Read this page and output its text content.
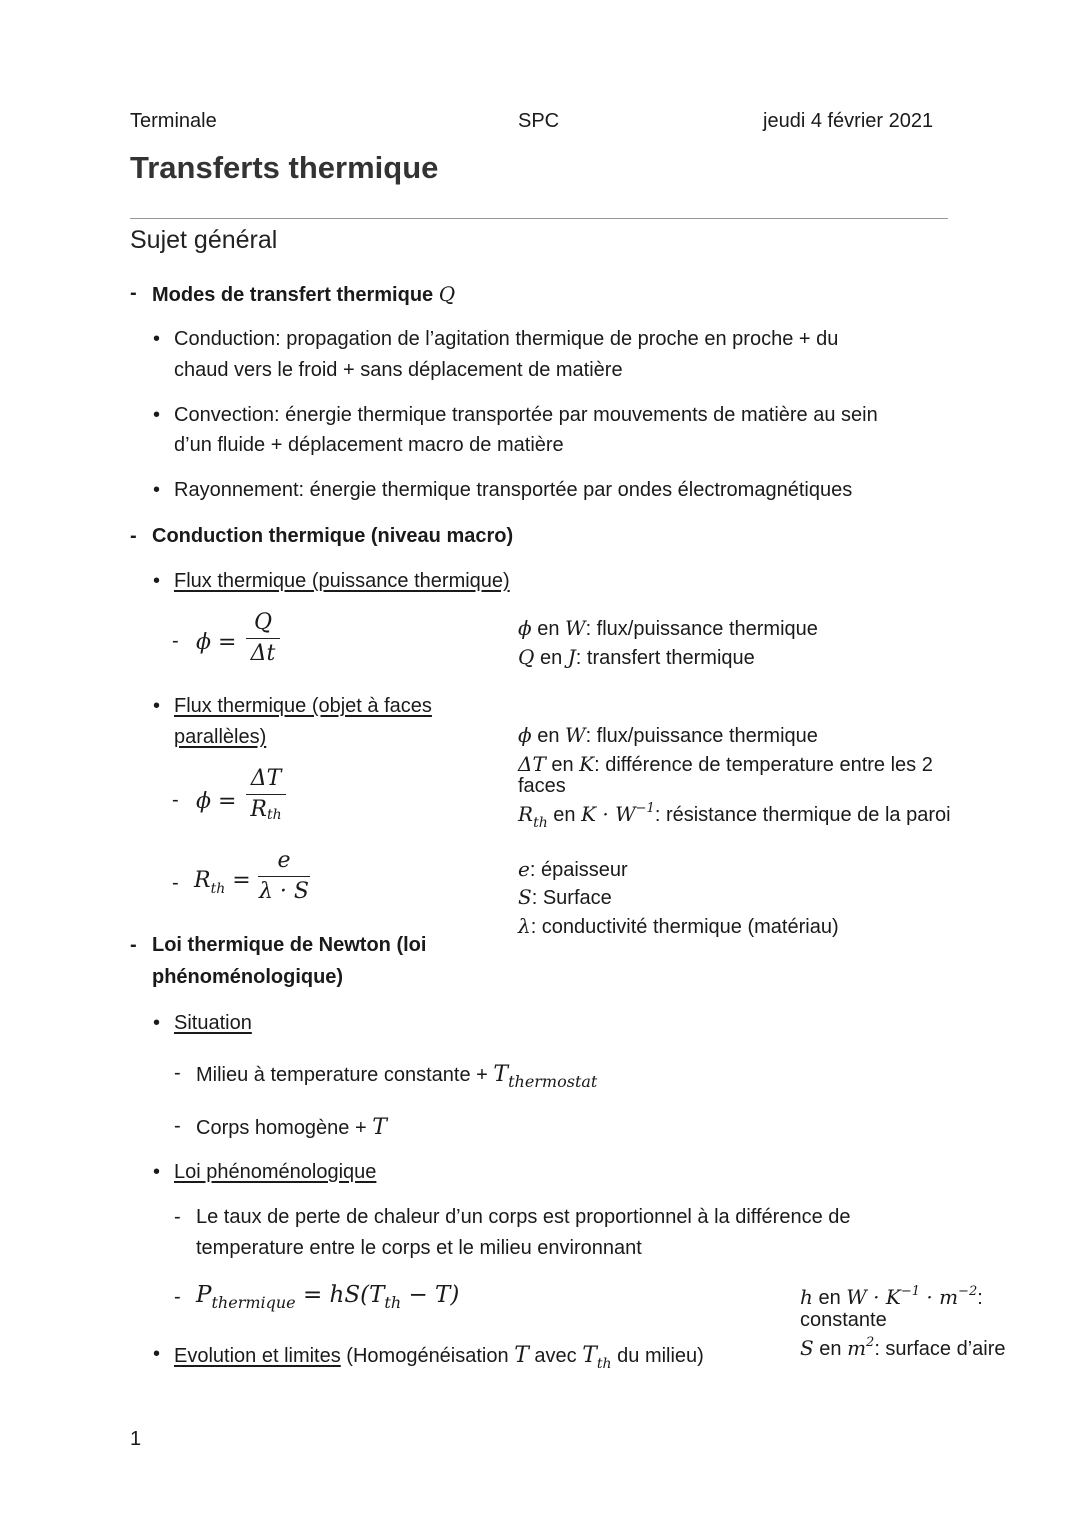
Terminale	SPC	jeudi 4 février 2021
Transferts thermique
Sujet général
- Modes de transfert thermique Q
• Conduction: propagation de l’agitation thermique de proche en proche + du
chaud vers le froid + sans déplacement de matière
• Convection: énergie thermique transportée par mouvements de matière au sein
d’un fluide + déplacement macro de matière
• Rayonnement: énergie thermique transportée par ondes électromagnétiques
- Conduction thermique (niveau macro)
• Flux thermique (puissance thermique)
- ϕ =
Q
Δt
ϕ en W: flux/puissance thermique
Q en J: transfert thermique
• Flux thermique (objet à faces
parallèles)
- ϕ =
ΔT
Rth
ϕ en W: flux/puissance thermique
ΔT en K: différence de temperature entre les 2
faces
$R_{th}$ en $K \cdot W^{-1}$: résistance thermique de la paroi
- $R_{th}$ =
e
λ · S
e: épaisseur
S: Surface
λ: conductivité thermique (matériau)
- Loi thermique de Newton (loi
phénoménologique)
• Situation
- Milieu à temperature constante + $T_{thermostat}$
- Corps homogène + T
• Loi phénoménologique
- Le taux de perte de chaleur d’un corps est proportionnel à la différence de
temperature entre le corps et le milieu environnant
- $P_{thermique} = hS(T_{th} - T)$	h en $W \cdot K^{-1} \cdot m^{-2}$:
constante
S en $m^2$: surface d’aire
• Evolution et limites (Homogénéisation T avec $T_{th}$ du milieu)
1
